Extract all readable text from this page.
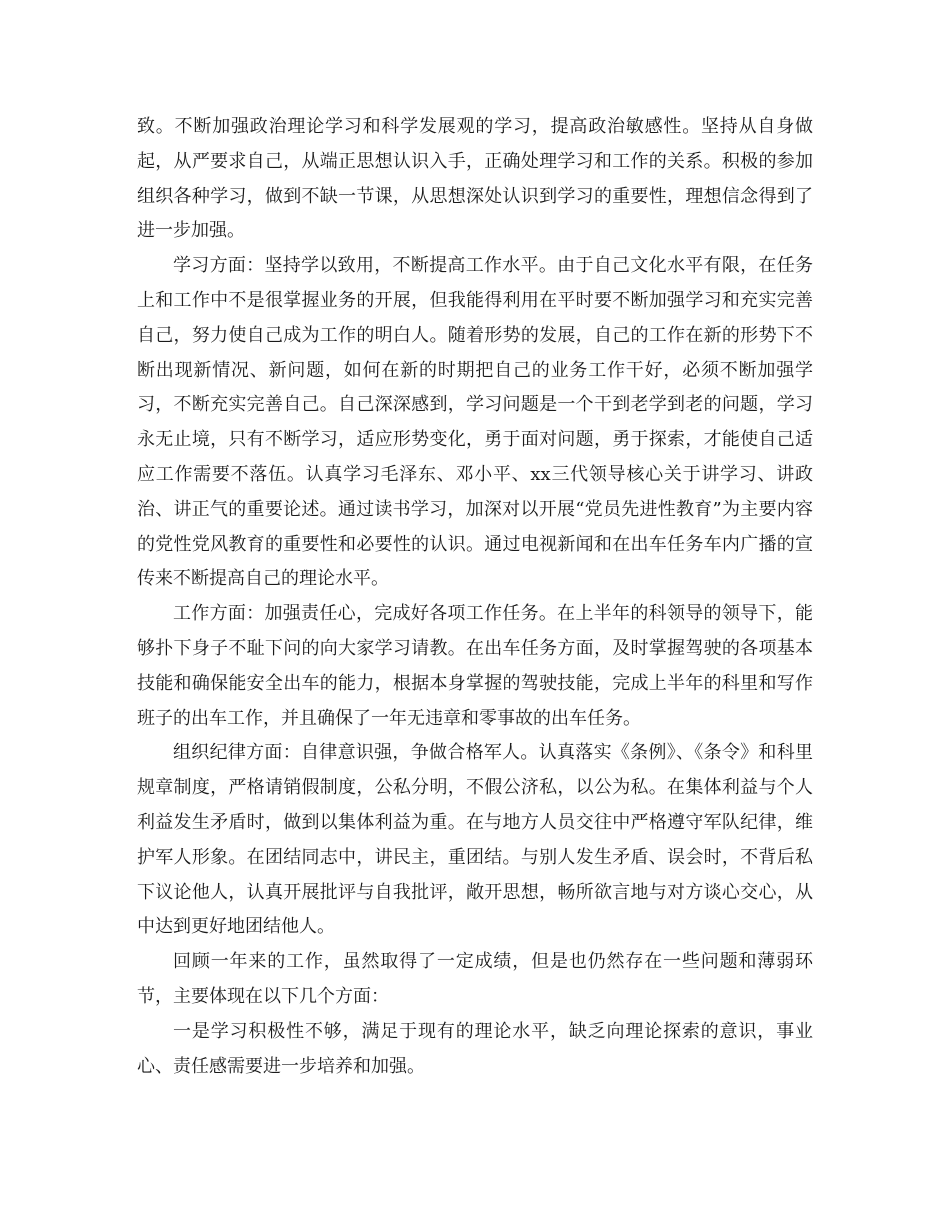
致。不断加强政治理论学习和科学发展观的学习，提高政治敏感性。坚持从自身做起，从严要求自己，从端正思想认识入手，正确处理学习和工作的关系。积极的参加组织各种学习，做到不缺一节课，从思想深处认识到学习的重要性，理想信念得到了进一步加强。

学习方面：坚持学以致用，不断提高工作水平。由于自己文化水平有限，在任务上和工作中不是很掌握业务的开展，但我能得利用在平时要不断加强学习和充实完善自己，努力使自己成为工作的明白人。随着形势的发展，自己的工作在新的形势下不断出现新情况、新问题，如何在新的时期把自己的业务工作干好，必须不断加强学习，不断充实完善自己。自己深深感到，学习问题是一个干到老学到老的问题，学习永无止境，只有不断学习，适应形势变化，勇于面对问题，勇于探索，才能使自己适应工作需要不落伍。认真学习毛泽东、邓小平、xx三代领导核心关于讲学习、讲政治、讲正气的重要论述。通过读书学习，加深对以开展“党员先进性教育”为主要内容的党性党风教育的重要性和必要性的认识。通过电视新闻和在出车任务车内广播的宣传来不断提高自己的理论水平。

工作方面：加强责任心，完成好各项工作任务。在上半年的科领导的领导下，能够扑下身子不耻下问的向大家学习请教。在出车任务方面，及时掌握驾驶的各项基本技能和确保能安全出车的能力，根据本身掌握的驾驶技能，完成上半年的科里和写作班子的出车工作，并且确保了一年无违章和零事故的出车任务。

组织纪律方面：自律意识强，争做合格军人。认真落实《条例》、《条令》和科里规章制度，严格请销假制度，公私分明，不假公济私，以公为私。在集体利益与个人利益发生矛盾时，做到以集体利益为重。在与地方人员交往中严格遵守军队纪律，维护军人形象。在团结同志中，讲民主，重团结。与别人发生矛盾、误会时，不背后私下议论他人，认真开展批评与自我批评，敞开思想，畅所欲言地与对方谈心交心，从中达到更好地团结他人。

回顾一年来的工作，虽然取得了一定成绩，但是也仍然存在一些问题和薄弱环节，主要体现在以下几个方面：

一是学习积极性不够，满足于现有的理论水平，缺乏向理论探索的意识，事业心、责任感需要进一步培养和加强。
